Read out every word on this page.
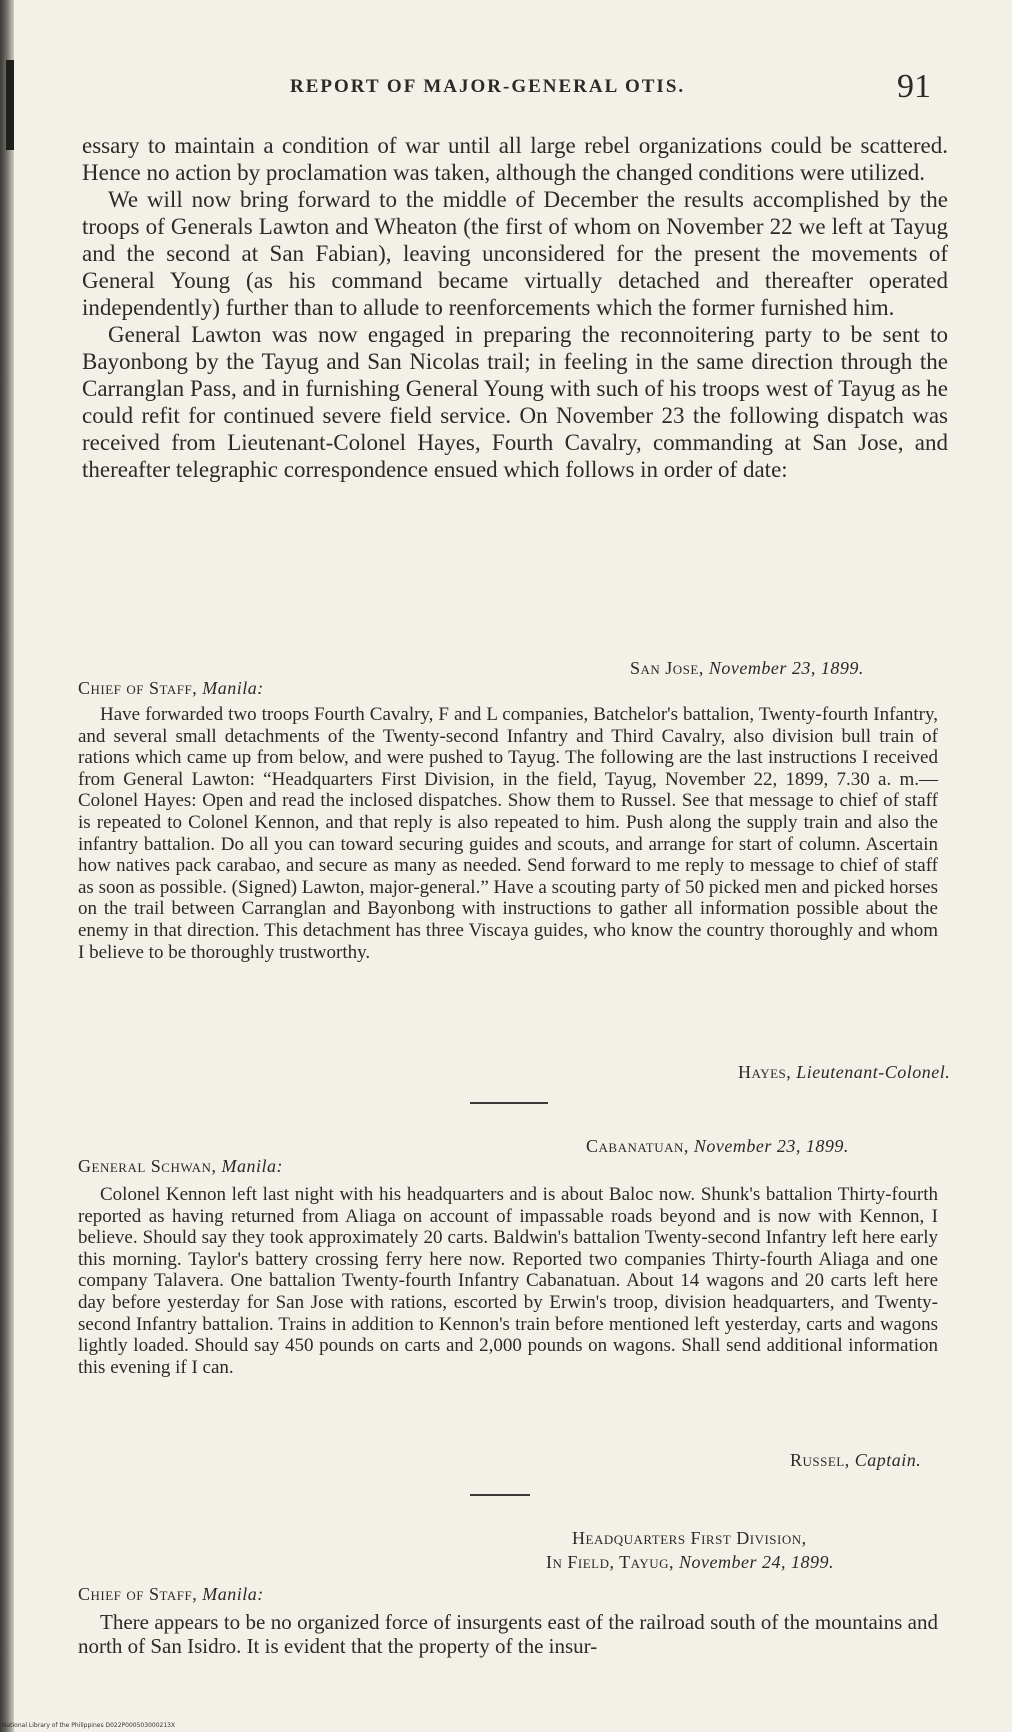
REPORT OF MAJOR-GENERAL OTIS.	91

essary to maintain a condition of war until all large rebel organizations could be scattered. Hence no action by proclamation was taken, although the changed conditions were utilized.

We will now bring forward to the middle of December the results accomplished by the troops of Generals Lawton and Wheaton (the first of whom on November 22 we left at Tayug and the second at San Fabian), leaving unconsidered for the present the movements of General Young (as his command became virtually detached and thereafter operated independently) further than to allude to reenforcements which the former furnished him.

General Lawton was now engaged in preparing the reconnoitering party to be sent to Bayonbong by the Tayug and San Nicolas trail; in feeling in the same direction through the Carranglan Pass, and in furnishing General Young with such of his troops west of Tayug as he could refit for continued severe field service. On November 23 the following dispatch was received from Lieutenant-Colonel Hayes, Fourth Cavalry, commanding at San Jose, and thereafter telegraphic correspondence ensued which follows in order of date:

San Jose, November 23, 1899.
Chief of Staff, Manila:

Have forwarded two troops Fourth Cavalry, F and L companies, Batchelor's battalion, Twenty-fourth Infantry, and several small detachments of the Twenty-second Infantry and Third Cavalry, also division bull train of rations which came up from below, and were pushed to Tayug. The following are the last instructions I received from General Lawton: “Headquarters First Division, in the field, Tayug, November 22, 1899, 7.30 a. m.—Colonel Hayes: Open and read the inclosed dispatches. Show them to Russel. See that message to chief of staff is repeated to Colonel Kennon, and that reply is also repeated to him. Push along the supply train and also the infantry battalion. Do all you can toward securing guides and scouts, and arrange for start of column. Ascertain how natives pack carabao, and secure as many as needed. Send forward to me reply to message to chief of staff as soon as possible. (Signed) Lawton, major-general.” Have a scouting party of 50 picked men and picked horses on the trail between Carranglan and Bayonbong with instructions to gather all information possible about the enemy in that direction. This detachment has three Viscaya guides, who know the country thoroughly and whom I believe to be thoroughly trustworthy.

Hayes, Lieutenant-Colonel.
Cabanatuan, November 23, 1899.
General Schwan, Manila:

Colonel Kennon left last night with his headquarters and is about Baloc now. Shunk's battalion Thirty-fourth reported as having returned from Aliaga on account of impassable roads beyond and is now with Kennon, I believe. Should say they took approximately 20 carts. Baldwin's battalion Twenty-second Infantry left here early this morning. Taylor's battery crossing ferry here now. Reported two companies Thirty-fourth Aliaga and one company Talavera. One battalion Twenty-fourth Infantry Cabanatuan. About 14 wagons and 20 carts left here day before yesterday for San Jose with rations, escorted by Erwin's troop, division headquarters, and Twenty-second Infantry battalion. Trains in addition to Kennon's train before mentioned left yesterday, carts and wagons lightly loaded. Should say 450 pounds on carts and 2,000 pounds on wagons. Shall send additional information this evening if I can.

Russel, Captain.
Headquarters First Division,
In Field, Tayug, November 24, 1899.
Chief of Staff, Manila:

There appears to be no organized force of insurgents east of the railroad south of the mountains and north of San Isidro. It is evident that the property of the insur-

National Library of the Philippines D022P000503000213X
